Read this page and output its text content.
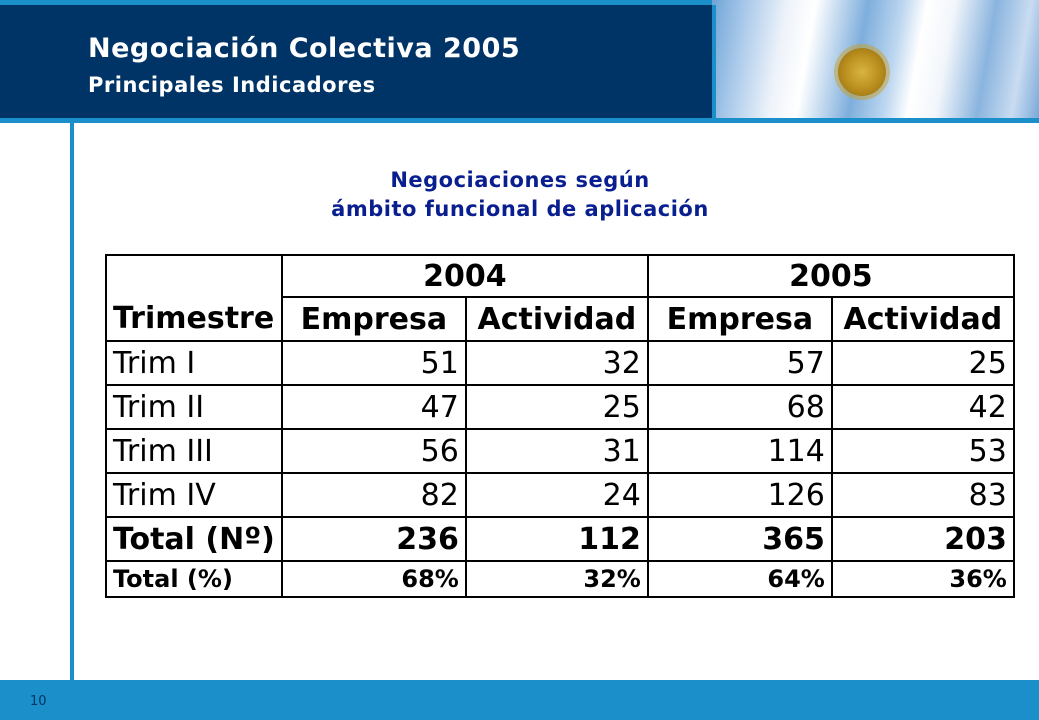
Negociación Colectiva 2005
Principales Indicadores
Negociaciones según
ámbito funcional de aplicación
	2004		2005	
Trimestre	Empresa	Actividad	Empresa	Actividad
Trim I	51	32	57	25
Trim II	47	25	68	42
Trim III	56	31	114	53
Trim IV	82	24	126	83
Total (Nº)	236	112	365	203
Total (%)	68%	32%	64%	36%
10
